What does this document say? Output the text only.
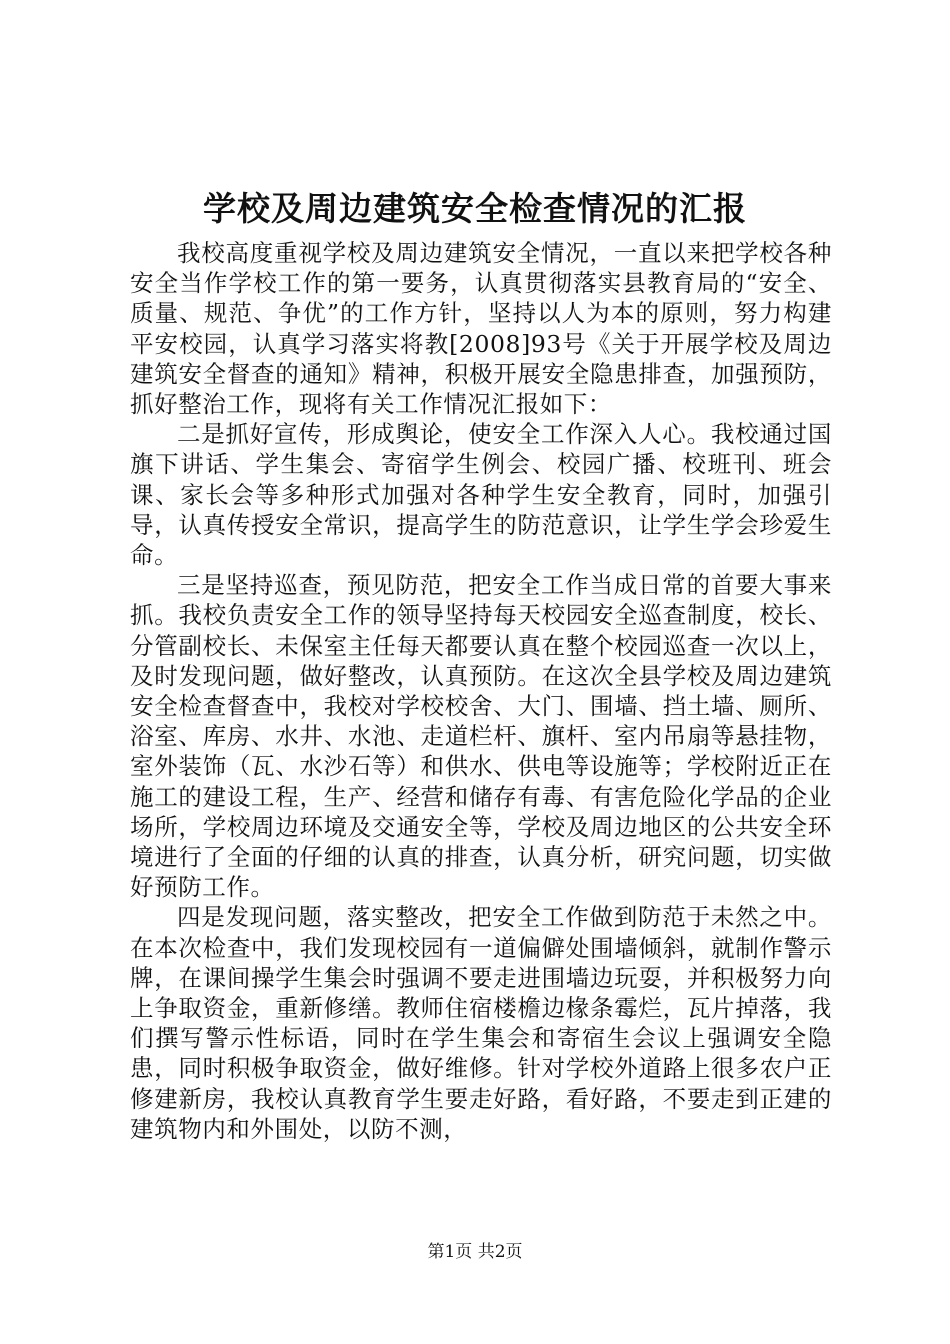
学校及周边建筑安全检查情况的汇报

我校高度重视学校及周边建筑安全情况，一直以来把学校各种安全当作学校工作的第一要务，认真贯彻落实县教育局的“安全、质量、规范、争优”的工作方针，坚持以人为本的原则，努力构建平安校园，认真学习落实将教[2008]93号《关于开展学校及周边建筑安全督查的通知》精神，积极开展安全隐患排查，加强预防，抓好整治工作，现将有关工作情况汇报如下：

二是抓好宣传，形成舆论，使安全工作深入人心。我校通过国旗下讲话、学生集会、寄宿学生例会、校园广播、校班刊、班会课、家长会等多种形式加强对各种学生安全教育，同时，加强引导，认真传授安全常识，提高学生的防范意识，让学生学会珍爱生命。

三是坚持巡查，预见防范，把安全工作当成日常的首要大事来抓。我校负责安全工作的领导坚持每天校园安全巡查制度，校长、分管副校长、未保室主任每天都要认真在整个校园巡查一次以上，及时发现问题，做好整改，认真预防。在这次全县学校及周边建筑安全检查督查中，我校对学校校舍、大门、围墙、挡土墙、厕所、浴室、库房、水井、水池、走道栏杆、旗杆、室内吊扇等悬挂物，室外装饰（瓦、水沙石等）和供水、供电等设施等；学校附近正在施工的建设工程，生产、经营和储存有毒、有害危险化学品的企业场所，学校周边环境及交通安全等，学校及周边地区的公共安全环境进行了全面的仔细的认真的排查，认真分析，研究问题，切实做好预防工作。

四是发现问题，落实整改，把安全工作做到防范于未然之中。在本次检查中，我们发现校园有一道偏僻处围墙倾斜，就制作警示牌，在课间操学生集会时强调不要走进围墙边玩耍，并积极努力向上争取资金，重新修缮。教师住宿楼檐边椽条霉烂，瓦片掉落，我们撰写警示性标语，同时在学生集会和寄宿生会议上强调安全隐患，同时积极争取资金，做好维修。针对学校外道路上很多农户正修建新房，我校认真教育学生要走好路，看好路，不要走到正建的建筑物内和外围处，以防不测，

第1页 共2页
